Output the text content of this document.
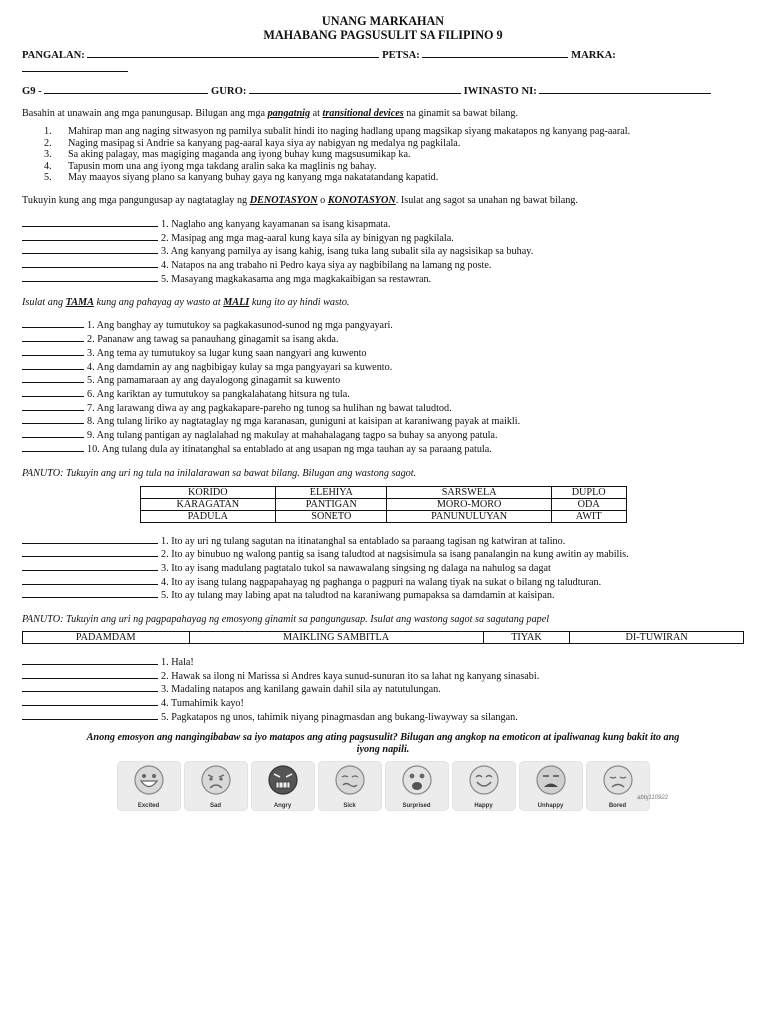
UNANG MARKAHAN
MAHABANG PAGSUSULIT SA FILIPINO 9
PANGALAN:	PETSA:	MARKA:

G9 -	GURO:	IWINASTO NI:

Basahin at unawain ang mga panungusap. Bilugan ang mga pangatnig at transitional devices na ginamit sa bawat bilang.

1. Mahirap man ang naging sitwasyon ng pamilya subalit hindi ito naging hadlang upang magsikap siyang makatapos ng kanyang pag-aaral.
2. Naging masipag si Andrie sa kanyang pag-aaral kaya siya ay nabigyan ng medalya ng pagkilala.
3. Sa aking palagay, mas magiging maganda ang iyong buhay kung magsusumikap ka.
4. Tapusin mom una ang iyong mga takdang aralin saka ka maglinis ng bahay.
5. May maayos siyang plano sa kanyang buhay gaya ng kanyang mga nakatatandang kapatid.

Tukuyin kung ang mga pangungusap ay nagtataglay ng DENOTASYON o KONOTASYON. Isulat ang sagot sa unahan ng bawat bilang.

1. Naglaho ang kanyang kayamanan sa isang kisapmata.
2. Masipag ang mga mag-aaral kung kaya sila ay binigyan ng pagkilala.
3. Ang kanyang pamilya ay isang kahig, isang tuka lang subalit sila ay nagsisikap sa buhay.
4. Natapos na ang trabaho ni Pedro kaya siya ay nagbibilang na lamang ng poste.
5. Masayang magkakasama ang mga magkakaibigan sa restawran.

Isulat ang TAMA kung ang pahayag ay wasto at MALI kung ito ay hindi wasto.

1. Ang banghay ay tumutukoy sa pagkakasunod-sunod ng mga pangyayari.
2. Pananaw ang tawag sa panauhang ginagamit sa isang akda.
3. Ang tema ay tumutukoy sa lugar kung saan nangyari ang kuwento
4. Ang damdamin ay ang nagbibigay kulay sa mga pangyayari sa kuwento.
5. Ang pamamaraan ay ang dayalogong ginagamit sa kuwento
6. Ang kariktan ay tumutukoy sa pangkalahatang hitsura ng tula.
7. Ang larawang diwa ay ang pagkakapare-pareho ng tunog sa hulihan ng bawat taludtod.
8. Ang tulang liriko ay nagtataglay ng mga karanasan, guniguni at kaisipan at karaniwang payak at maikli.
9. Ang tulang pantigan ay naglalahad ng makulay at mahahalagang tagpo sa buhay sa anyong patula.
10. Ang tulang dula ay itinatanghal sa entablado at ang usapan ng mga tauhan ay sa paraang patula.

PANUTO: Tukuyin ang uri ng tula na inilalarawan sa bawat bilang. Bilugan ang wastong sagot.

KORIDO	ELEHIYA	SARSWELA	DUPLO
KARAGATAN	PANTIGAN	MORO-MORO	ODA
PADULA	SONETO	PANUNULUYAN	AWIT
1. Ito ay uri ng tulang sagutan na itinatanghal sa entablado sa paraang tagisan ng katwiran at talino.
2. Ito ay binubuo ng walong pantig sa isang taludtod at nagsisimula sa isang panalangin na kung awitin ay mabilis.
3. Ito ay isang madulang pagtatalo tukol sa nawawalang singsing ng dalaga na nahulog sa dagat
4. Ito ay isang tulang nagpapahayag ng paghanga o pagpuri na walang tiyak na sukat o bilang ng taludturan.
5. Ito ay tulang may labing apat na taludtod na karaniwang pumapaksa sa damdamin at kaisipan.

PANUTO: Tukuyin ang uri ng pagpapahayag ng emosyong ginamit sa pangungusap. Isulat ang wastong sagot sa sagutang papel

PADAMDAM	MAIKLING SAMBITLA	TIYAK	DI-TUWIRAN
1. Hala!
2. Hawak sa ilong ni Marissa si Andres kaya sunud-sunuran ito sa lahat ng kanyang sinasabi.
3. Madaling natapos ang kanilang gawain dahil sila ay natutulungan.
4. Tumahimik kayo!
5. Pagkatapos ng unos, tahimik niyang pinagmasdan ang bukang-liwayway sa silangan.

Anong emosyon ang nangingibabaw sa iyo matapos ang ating pagsusulit? Bilugan ang angkop na emoticon at ipaliwanag kung bakit ito ang iyong napili.

Excited	Sad	Angry	Sick	Surprised	Happy	Unhappy	Bored
abbj110922
